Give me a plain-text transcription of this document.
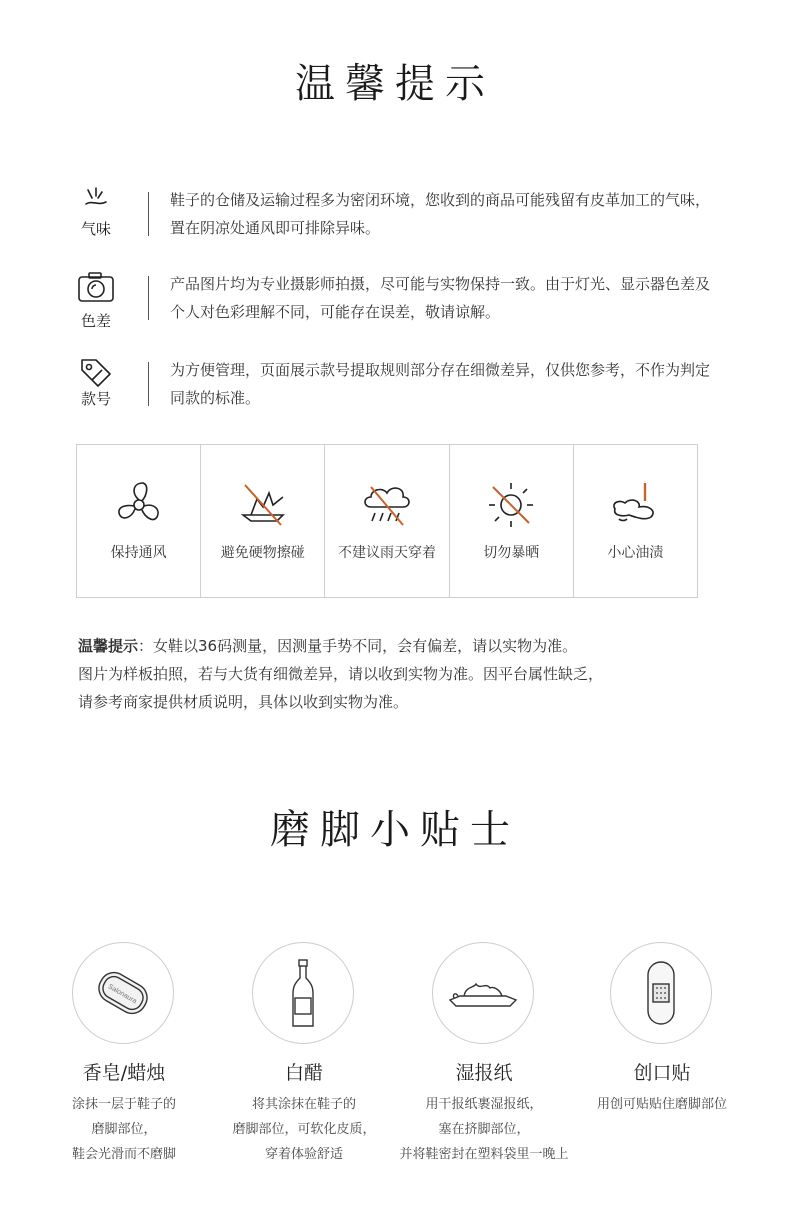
温馨提示
气味
鞋子的仓储及运输过程多为密闭环境，您收到的商品可能残留有皮革加工的气味，置在阴凉处通风即可排除异味。
色差
产品图片均为专业摄影师拍摄，尽可能与实物保持一致。由于灯光、显示器色差及个人对色彩理解不同，可能存在误差，敬请谅解。
款号
为方便管理，页面展示款号提取规则部分存在细微差异，仅供您参考，不作为判定同款的标准。
保持通风	避免硬物擦碰	不建议雨天穿着	切勿暴晒	小心油渍
温馨提示：女鞋以36码测量，因测量手势不同，会有偏差，请以实物为准。
图片为样板拍照，若与大货有细微差异，请以收到实物为准。因平台属性缺乏，
请参考商家提供材质说明，具体以收到实物为准。
磨脚小贴士
Salonaura
香皂/蜡烛
涂抹一层于鞋子的
磨脚部位，
鞋会光滑而不磨脚
白醋
将其涂抹在鞋子的
磨脚部位，可软化皮质，
穿着体验舒适
湿报纸
用干报纸裹湿报纸，
塞在挤脚部位，
并将鞋密封在塑料袋里一晚上
创口贴
用创可贴贴住磨脚部位
